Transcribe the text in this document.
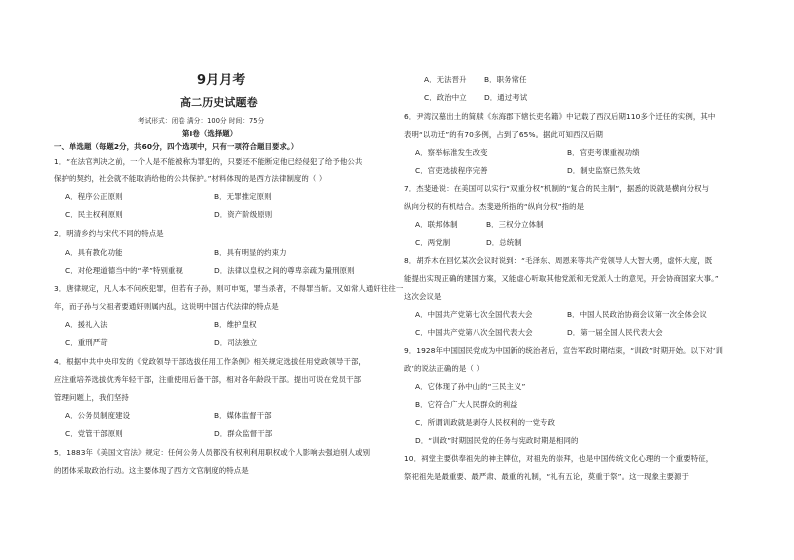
9月月考
高二历史试题卷
考试形式：闭卷 满分：100分 时间：75分
第Ⅰ卷（选择题）
一、单选题（每题2分，共60分，四个选项中，只有一项符合题目要求。）
1．“在法官判决之前，一个人是不能被称为罪犯的，只要还不能断定他已经侵犯了给予他公共
保护的契约，社会就不能取消给他的公共保护。”材料体现的是西方法律制度的（ ）
A．程序公正原则	B．无罪推定原则
C．民主权利原则	D．资产阶级原则
2．明清乡约与宋代不同的特点是
A．具有教化功能	B．具有明显的约束力
C．对伦理道德当中的“孝”特别重视	D．法律以皇权之间的尊卑亲疏为量刑原则
3．唐律规定，凡人本不问疾犯罪，但若有子孙，则可申冤，罪当杀者，不得罪当斩。又如常人通奸往往一
年，而子孙与父祖者要通奸则属内乱，这说明中国古代法律的特点是
A．援礼入法	B．维护皇权
C．重刑严苛	D．司法独立
4．根据中共中央印发的《党政领导干部选拔任用工作条例》相关规定选拔任用党政领导干部，
应注重培养选拔优秀年轻干部，注重使用后备干部，相对各年龄段干部。提出可说在党员干部
管理问题上，我们坚持
A．公务员制度建设	B．媒体监督干部
C．党管干部原则	D．群众监督干部
5．1883年《美国文官法》规定：任何公务人员都没有权利利用职权或个人影响去强迫别人或别
的团体采取政治行动。这主要体现了西方文官制度的特点是
A．无法晋升 B．职务常任
C．政治中立 D．通过考试
6．尹湾汉墓出土的简牍《东海郡下辖长吏名籍》中记载了西汉后期110多个迁任的实例，其中
表明“以功迁”的有70多例，占到了65%。据此可知西汉后期
A．察举标准发生改变	B．官吏考课重视功绩
C．官吏选拔程序完善	D．制史监察已然失效
7．杰斐逊说：在美国可以实行“双重分权”机制的“复合的民主制”，据悉的说就是横向分权与
纵向分权的有机结合。杰斐逊所指的“纵向分权”指的是
A．联邦体制	B．三权分立体制
C．两党制	D．总统制
8．胡乔木在回忆某次会议时说到：“毛泽东、周恩来等共产党领导人大智大勇，虚怀大度，既
能提出实现正确的建国方案，又能虚心听取其他党派和无党派人士的意见，开会协商国家大事。”
这次会议是
A．中国共产党第七次全国代表大会	B．中国人民政治协商会议第一次全体会议
C．中国共产党第八次全国代表大会	D．第一届全国人民代表大会
9．1928年中国国民党成为中国新的统治者后，宣告军政时期结束，“训政”时期开始。以下对‘训
政’的说法正确的是（ ）
A．它体现了孙中山的“三民主义”
B．它符合广大人民群众的利益
C．所谓训政就是剥夺人民权利的一党专政
D．“训政”时期国民党的任务与宪政时期是相同的
10．祠堂主要供奉祖先的神主牌位，对祖先的崇拜，也是中国传统文化心理的一个重要特征，
祭祀祖先是最重要、最严肃、最重的礼制，“礼有五论，莫重于祭”。这一现象主要源于
